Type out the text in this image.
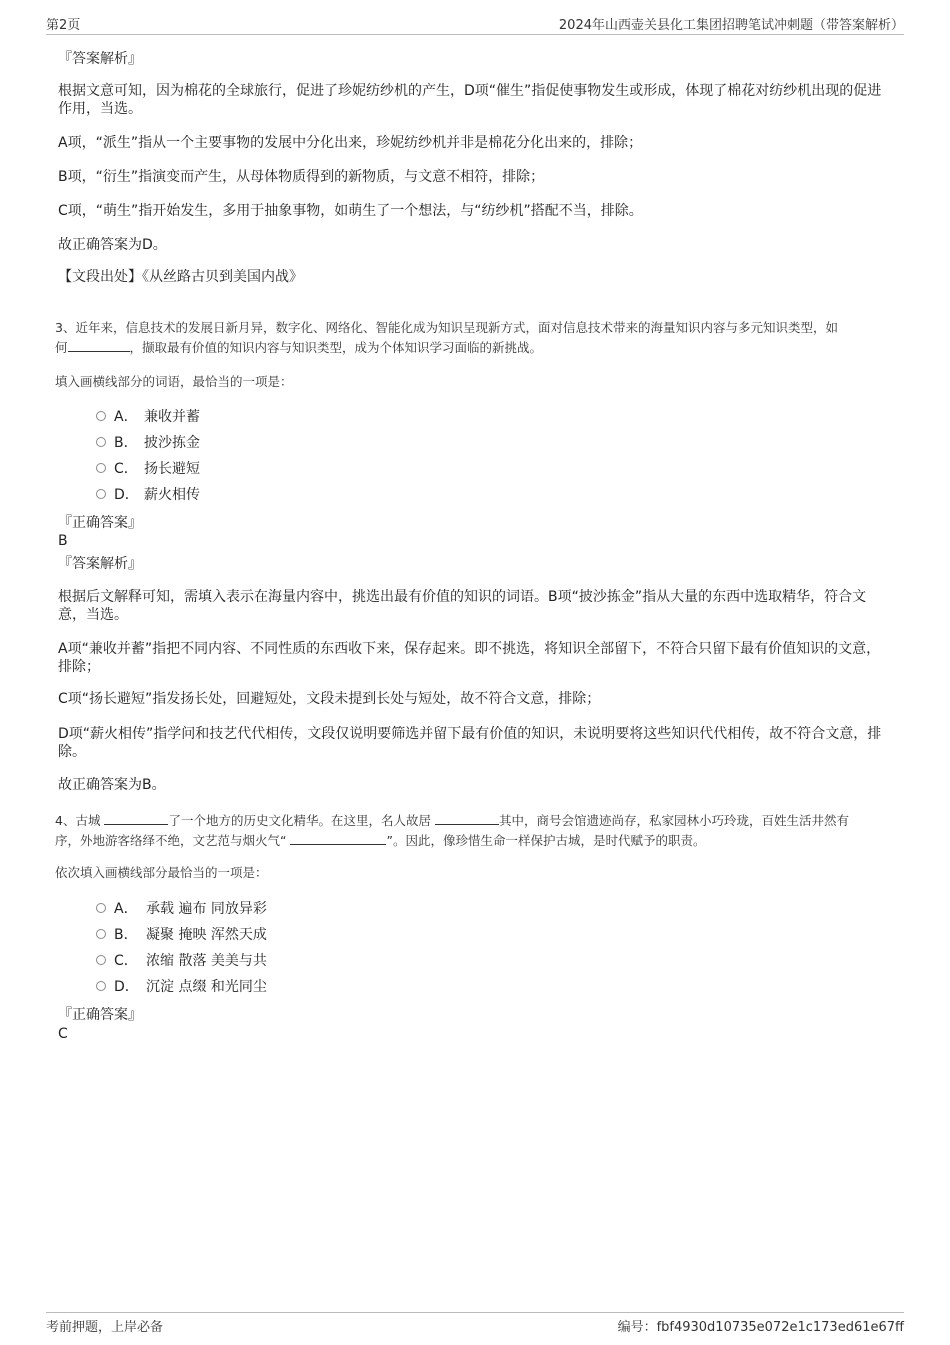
第2页	2024年山西壶关县化工集团招聘笔试冲刺题（带答案解析）
『答案解析』
根据文意可知，因为棉花的全球旅行，促进了珍妮纺纱机的产生，D项“催生”指促使事物发生或形成，体现了棉花对纺纱机出现的促进作用，当选。
A项，“派生”指从一个主要事物的发展中分化出来，珍妮纺纱机并非是棉花分化出来的，排除；
B项，“衍生”指演变而产生，从母体物质得到的新物质，与文意不相符，排除；
C项，“萌生”指开始发生，多用于抽象事物，如萌生了一个想法，与“纺纱机”搭配不当，排除。
故正确答案为D。
【文段出处】《从丝路古贝到美国内战》
3、近年来，信息技术的发展日新月异，数字化、网络化、智能化成为知识呈现新方式，面对信息技术带来的海量知识内容与多元知识类型，如
何	，撷取最有价值的知识内容与知识类型，成为个体知识学习面临的新挑战。
填入画横线部分的词语，最恰当的一项是：
A． 兼收并蓄
B． 披沙拣金
C． 扬长避短
D． 薪火相传
『正确答案』
B
『答案解析』
根据后文解释可知，需填入表示在海量内容中，挑选出最有价值的知识的词语。B项“披沙拣金”指从大量的东西中选取精华，符合文意，当选。
A项“兼收并蓄”指把不同内容、不同性质的东西收下来，保存起来。即不挑选，将知识全部留下，不符合只留下最有价值知识的文意，排除；
C项“扬长避短”指发扬长处，回避短处，文段未提到长处与短处，故不符合文意，排除；
D项“薪火相传”指学问和技艺代代相传，文段仅说明要筛选并留下最有价值的知识，未说明要将这些知识代代相传，故不符合文意，排除。
故正确答案为B。
4、古城	了一个地方的历史文化精华。在这里，名人故居	其中，商号会馆遗迹尚存，私家园林小巧玲珑，百姓生活井然有
序，外地游客络绎不绝，文艺范与烟火气“	”。因此，像珍惜生命一样保护古城，是时代赋予的职责。
依次填入画横线部分最恰当的一项是：
A． 承载 遍布 同放异彩
B． 凝聚 掩映 浑然天成
C． 浓缩 散落 美美与共
D． 沉淀 点缀 和光同尘
『正确答案』
C
考前押题，上岸必备	编号：fbf4930d10735e072e1c173ed61e67ff
